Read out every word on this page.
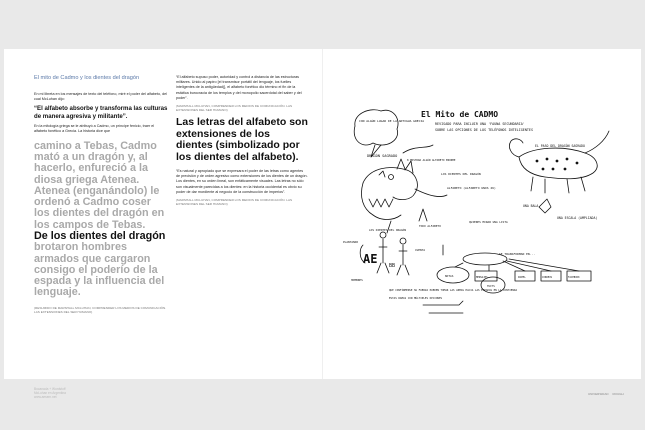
El mito de Cadmo y los dientes del dragón

En mi libreta en los mensajes de texto del teléfono, miré el poder del alfabeto, del cual McLuhan dijo:

“El alfabeto absorbe y transforma las culturas de manera agresiva y militante”.

En la mitología griega se le atribuyó a Cadmo, un príncipe fenicio, traer el alfabeto fonético a Grecia. La historia dice que

camino a Tebas, Cadmo
mató a un dragón y, al
hacerlo, enfureció a la
diosa griega Atenea.
Atenea (enganándolo) le
ordenó a Cadmo coser
los dientes del dragón en
los campos de Tebas.
De los dientes del dragón
brotaron hombres
armados que cargaron
consigo el poderío de la
espada y la influencia del
lenguaje.

(RESUMIDO DE MARSHALL MCLUHAN, COMPRENDER LOS MEDIOS DE COMUNICACIÓN. LAS EXTENSIONES DEL SER HUMANO)

“El alfabeto supuso poder, autoridad y control a distancia de las estructuras militares. Unido al papiro [el transmisor portátil del lenguaje, los fuelles inteligentes de la antigüedad)], el alfabeto fonético dio término el fin de la estática burocracia de los templos y del monopolio sacerdotal del saber y del poder”.

(MARSHALL MCLUHAN, COMPRENDER LOS MEDIOS DE COMUNICACIÓN. LAS EXTENSIONES DEL SER HUMANO)

Las letras del alfabeto son extensiones de los dientes (simbolizado por los dientes del alfabeto).

“Es natural y apropiado que se expresara el poder de las letras como agentes de precisión y de orden agresivo como extensiones de los dientes de un dragón. Los dientes, en su orden lineal, son enfáticamente visuales. Las letras no sólo son visualmente parecidas a los dientes: en la historia occidental es obvio su poder de dar mordiente al negocio de la construcción de imperios”.

(MARSHALL MCLUHAN, COMPRENDER LOS MEDIOS DE COMUNICACIÓN. LAS EXTENSIONES DEL SER HUMANO)

Bocanada + Wordstuff
McLuhan en Argentina
www.aesem.net
El Mito de CADMO
REVISADO PARA INCLUIR UNA 'FAUNA SECUNDARIA'
SOBRE LAS OPCIONES DE LOS TELÉFONOS INTELIGENTES
CON ALGÚN LUGAR DE LA ANTIGUA GRECIA
DRAGÓN SAGRADO
8 MOSTRAR ALGÚN ALFABETO ENORME
LOS DIENTES DEL DRAGÓN
ALFABETO (ALFABETO UNOS 26)
TODO ALFABETO
EL PASO DEL DRAGÓN SAGRADO
UNA BALA
UNA ESCALA (AMPLIADA)
QUIERES MIRAR UNA LISTA
PLANTANDO
LOS DIENTES DEL DRAGÓN
HOMBRES
CUENTA
SE TRANSFORMAN EN...
NOTAS	MENSAJES	PAPEL	CORREOS	FACEBOOK
TUITS
QUE CONFÍRMENSE SU FUERZA PUEDEN TOMAR LAS ARMAS HACIA LAS ESPADAS EN LA CONTIENDA
ESTAS RAMAS CON MÚLTIPLES OPCIONES
AE BB
UNIVERSIDAD ROUGH
